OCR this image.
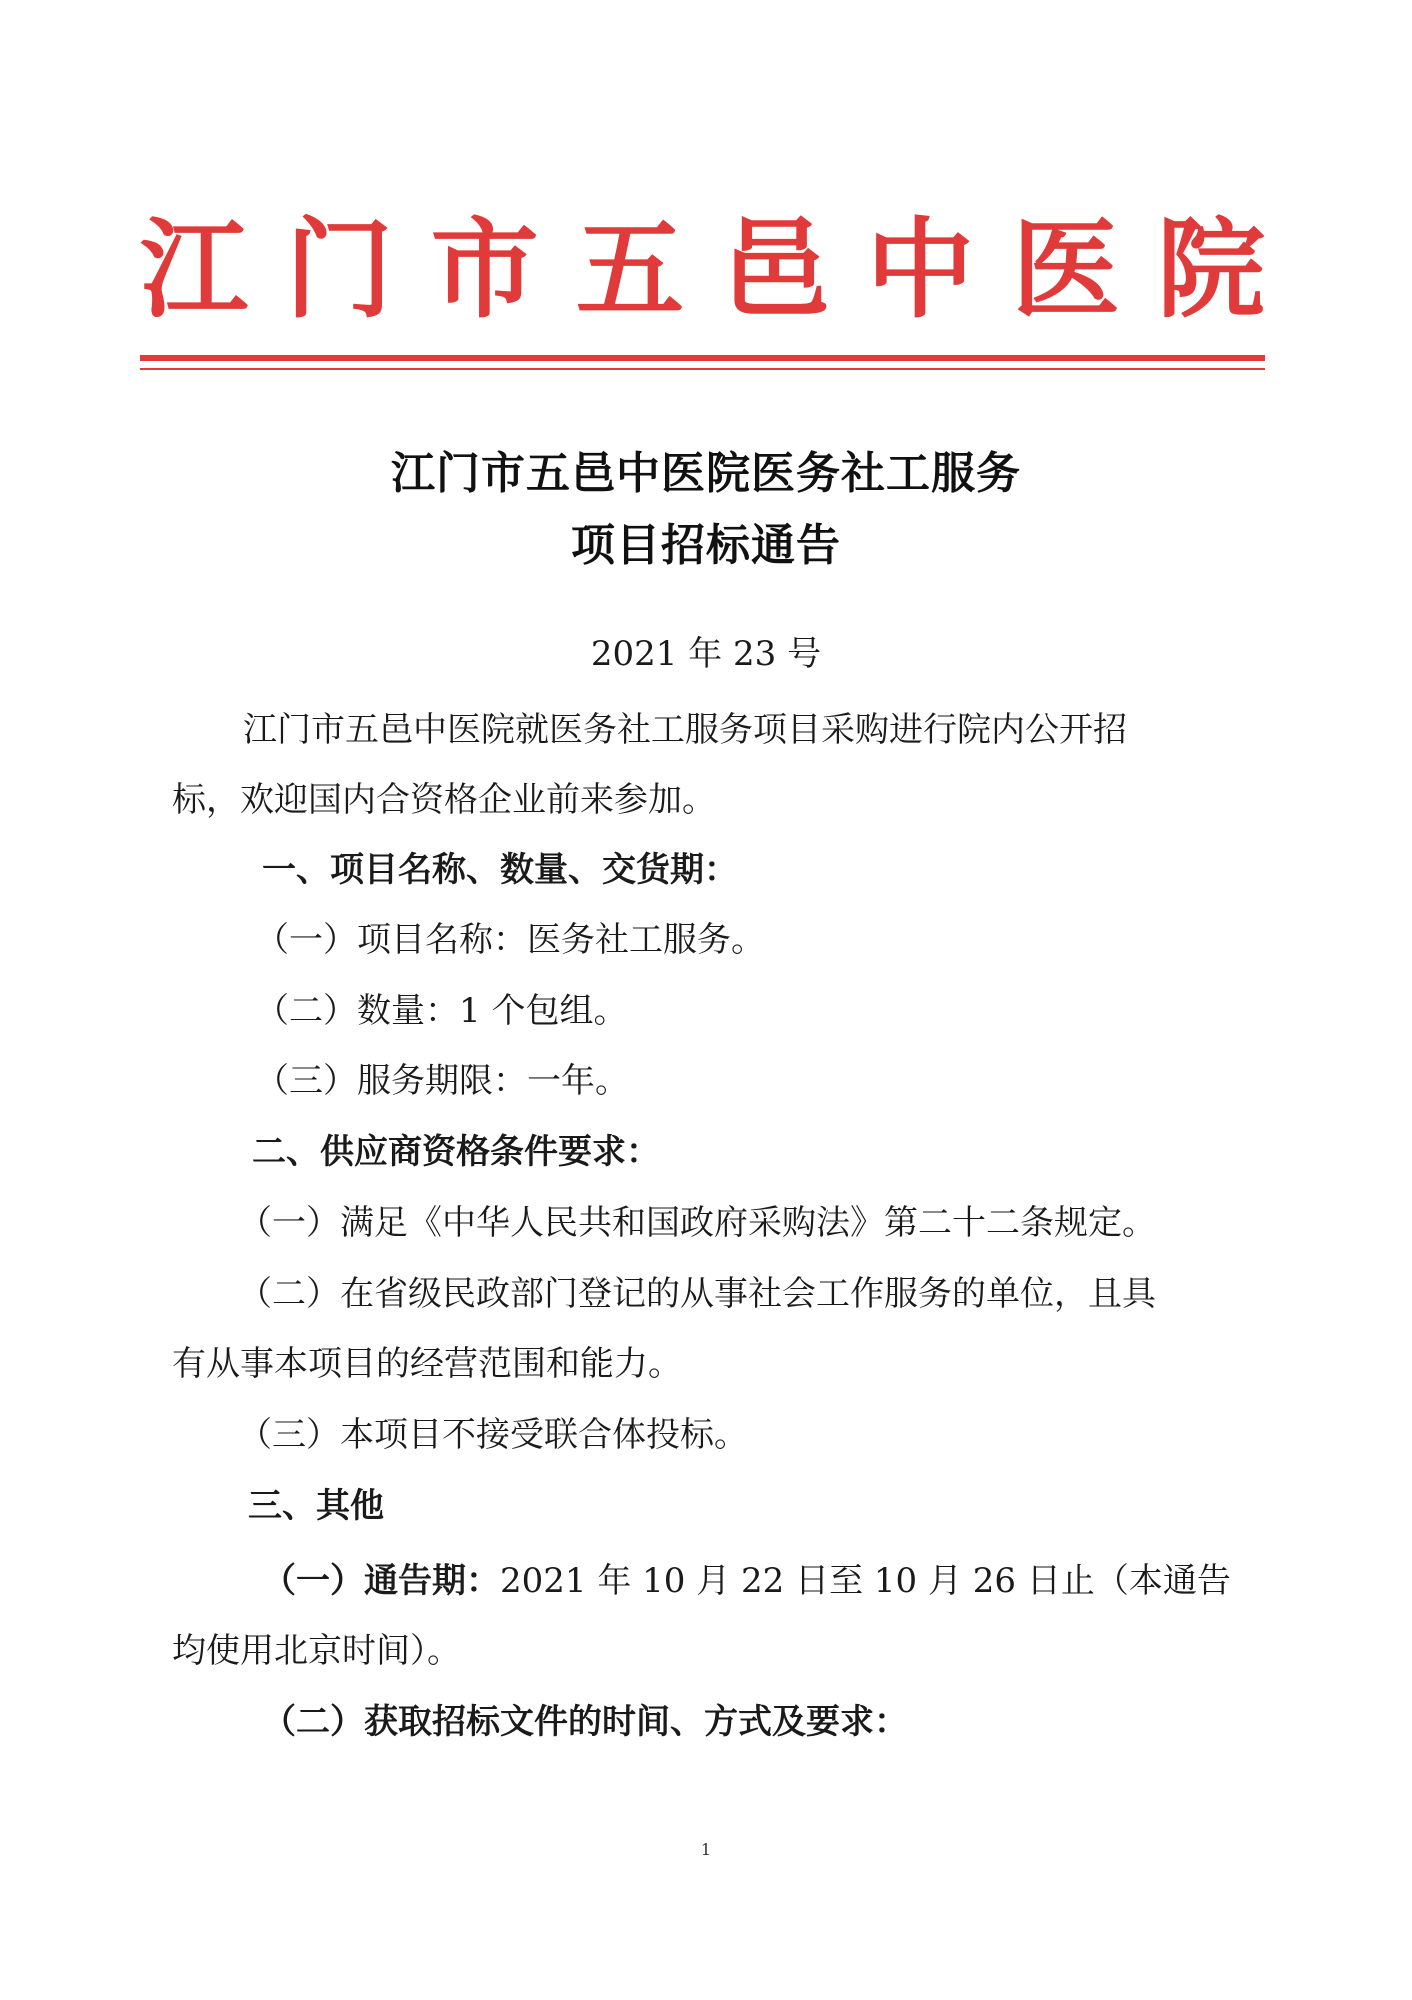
江 门 市 五 邑 中 医 院
江门市五邑中医院医务社工服务
项目招标通告
2021 年 23 号
江门市五邑中医院就医务社工服务项目采购进行院内公开招
标，欢迎国内合资格企业前来参加。
一、项目名称、数量、交货期：
（一）项目名称：医务社工服务。
（二）数量：1 个包组。
（三）服务期限：一年。
二、供应商资格条件要求：
（一）满足《中华人民共和国政府采购法》第二十二条规定。
（二）在省级民政部门登记的从事社会工作服务的单位，且具
有从事本项目的经营范围和能力。
（三）本项目不接受联合体投标。
三、其他
（一）通告期：2021 年 10 月 22 日至 10 月 26 日止（本通告
均使用北京时间）。
（二）获取招标文件的时间、方式及要求：
1
